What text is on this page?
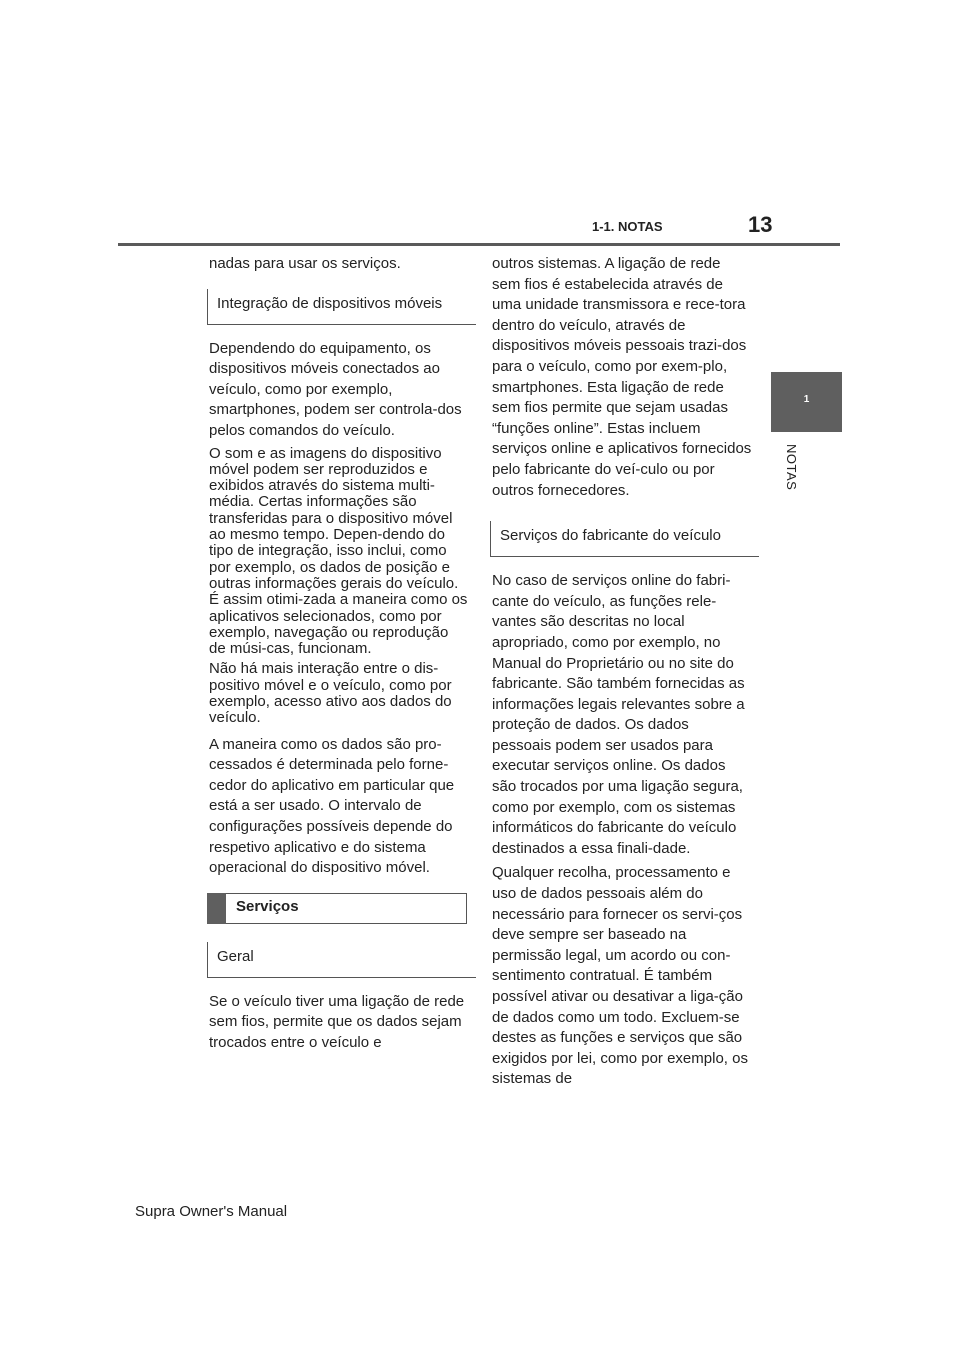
1-1. NOTAS	13
1
NOTAS

nadas para usar os serviços.

Integração de dispositivos móveis

Dependendo do equipamento, os dispositivos móveis conectados ao veículo, como por exemplo, smartphones, podem ser controla-dos pelos comandos do veículo.

O som e as imagens do dispositivo móvel podem ser reproduzidos e exibidos através do sistema multi-média. Certas informações são transferidas para o dispositivo móvel ao mesmo tempo. Depen-dendo do tipo de integração, isso inclui, como por exemplo, os dados de posição e outras informações gerais do veículo. É assim otimi-zada a maneira como os aplicativos selecionados, como por exemplo, navegação ou reprodução de músi-cas, funcionam.

Não há mais interação entre o dis-positivo móvel e o veículo, como por exemplo, acesso ativo aos dados do veículo.

A maneira como os dados são pro-cessados é determinada pelo forne-cedor do aplicativo em particular que está a ser usado. O intervalo de configurações possíveis depende do respetivo aplicativo e do sistema operacional do dispositivo móvel.

Serviços
Geral

Se o veículo tiver uma ligação de rede sem fios, permite que os dados sejam trocados entre o veículo e

outros sistemas. A ligação de rede sem fios é estabelecida através de uma unidade transmissora e rece-tora dentro do veículo, através de dispositivos móveis pessoais trazi-dos para o veículo, como por exem-plo, smartphones. Esta ligação de rede sem fios permite que sejam usadas “funções online”. Estas incluem serviços online e aplicativos fornecidos pelo fabricante do veí-culo ou por outros fornecedores.

Serviços do fabricante do veículo

No caso de serviços online do fabri-cante do veículo, as funções rele-vantes são descritas no local apropriado, como por exemplo, no Manual do Proprietário ou no site do fabricante. São também fornecidas as informações legais relevantes sobre a proteção de dados. Os dados pessoais podem ser usados para executar serviços online. Os dados são trocados por uma ligação segura, como por exemplo, com os sistemas informáticos do fabricante do veículo destinados a essa finali-dade.

Qualquer recolha, processamento e uso de dados pessoais além do necessário para fornecer os servi-ços deve sempre ser baseado na permissão legal, um acordo ou con-sentimento contratual. É também possível ativar ou desativar a liga-ção de dados como um todo. Excluem-se destes as funções e serviços que são exigidos por lei, como por exemplo, os sistemas de

Supra Owner's Manual
